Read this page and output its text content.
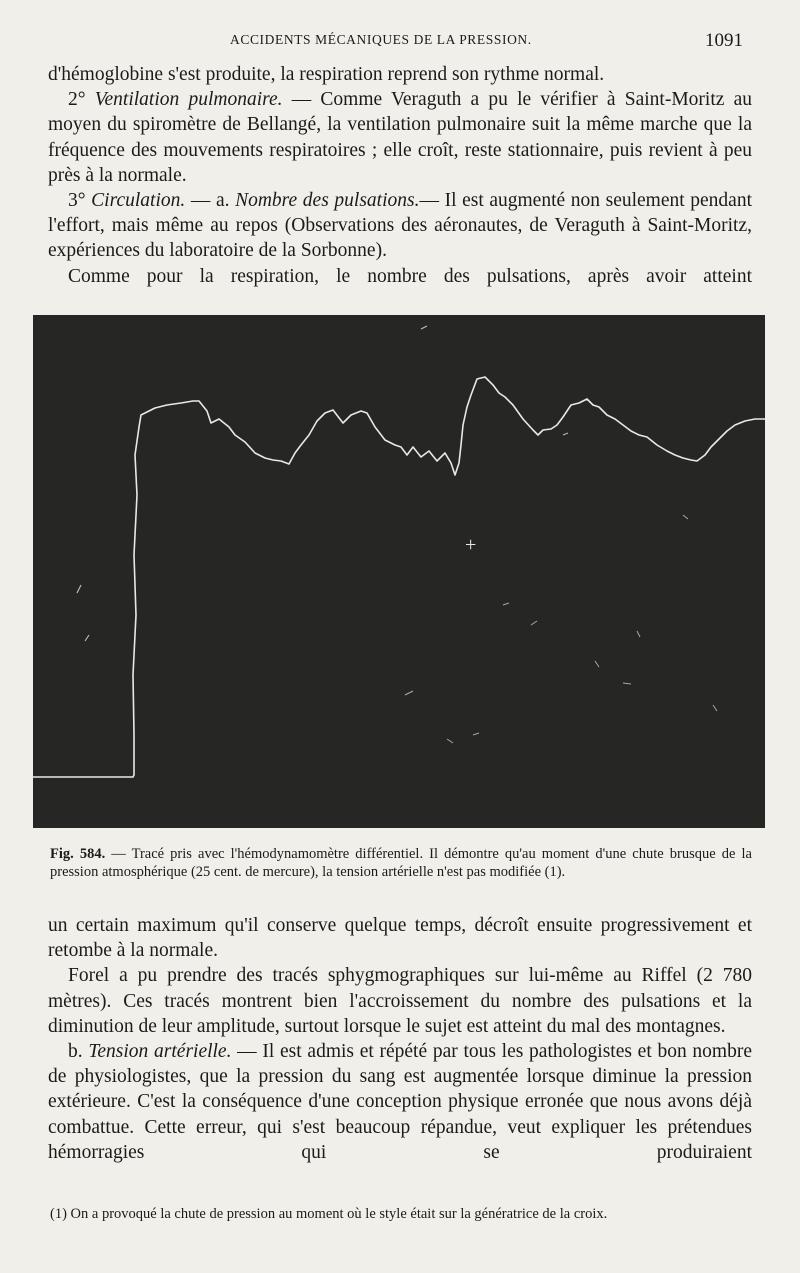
ACCIDENTS MÉCANIQUES DE LA PRESSION.	1091

d'hémoglobine s'est produite, la respiration reprend son rythme normal.

2° Ventilation pulmonaire. — Comme Veraguth a pu le vérifier à Saint-Moritz au moyen du spiromètre de Bellangé, la ventilation pulmonaire suit la même marche que la fréquence des mouvements respiratoires ; elle croît, reste stationnaire, puis revient à peu près à la normale.

3° Circulation. — a. Nombre des pulsations.— Il est augmenté non seulement pendant l'effort, mais même au repos (Observations des aéronautes, de Veraguth à Saint-Moritz, expériences du laboratoire de la Sorbonne).

Comme pour la respiration, le nombre des pulsations, après avoir atteint

+
Fig. 584. — Tracé pris avec l'hémodynamomètre différentiel. Il démontre qu'au moment d'une chute brusque de la pression atmosphérique (25 cent. de mercure), la tension artérielle n'est pas modifiée (1).

un certain maximum qu'il conserve quelque temps, décroît ensuite progressivement et retombe à la normale.

Forel a pu prendre des tracés sphygmographiques sur lui-même au Riffel (2 780 mètres). Ces tracés montrent bien l'accroissement du nombre des pulsations et la diminution de leur amplitude, surtout lorsque le sujet est atteint du mal des montagnes.

b. Tension artérielle. — Il est admis et répété par tous les pathologistes et bon nombre de physiologistes, que la pression du sang est augmentée lorsque diminue la pression extérieure. C'est la conséquence d'une conception physique erronée que nous avons déjà combattue. Cette erreur, qui s'est beaucoup répandue, veut expliquer les prétendues hémorragies qui se produiraient

(1) On a provoqué la chute de pression au moment où le style était sur la génératrice de la croix.
